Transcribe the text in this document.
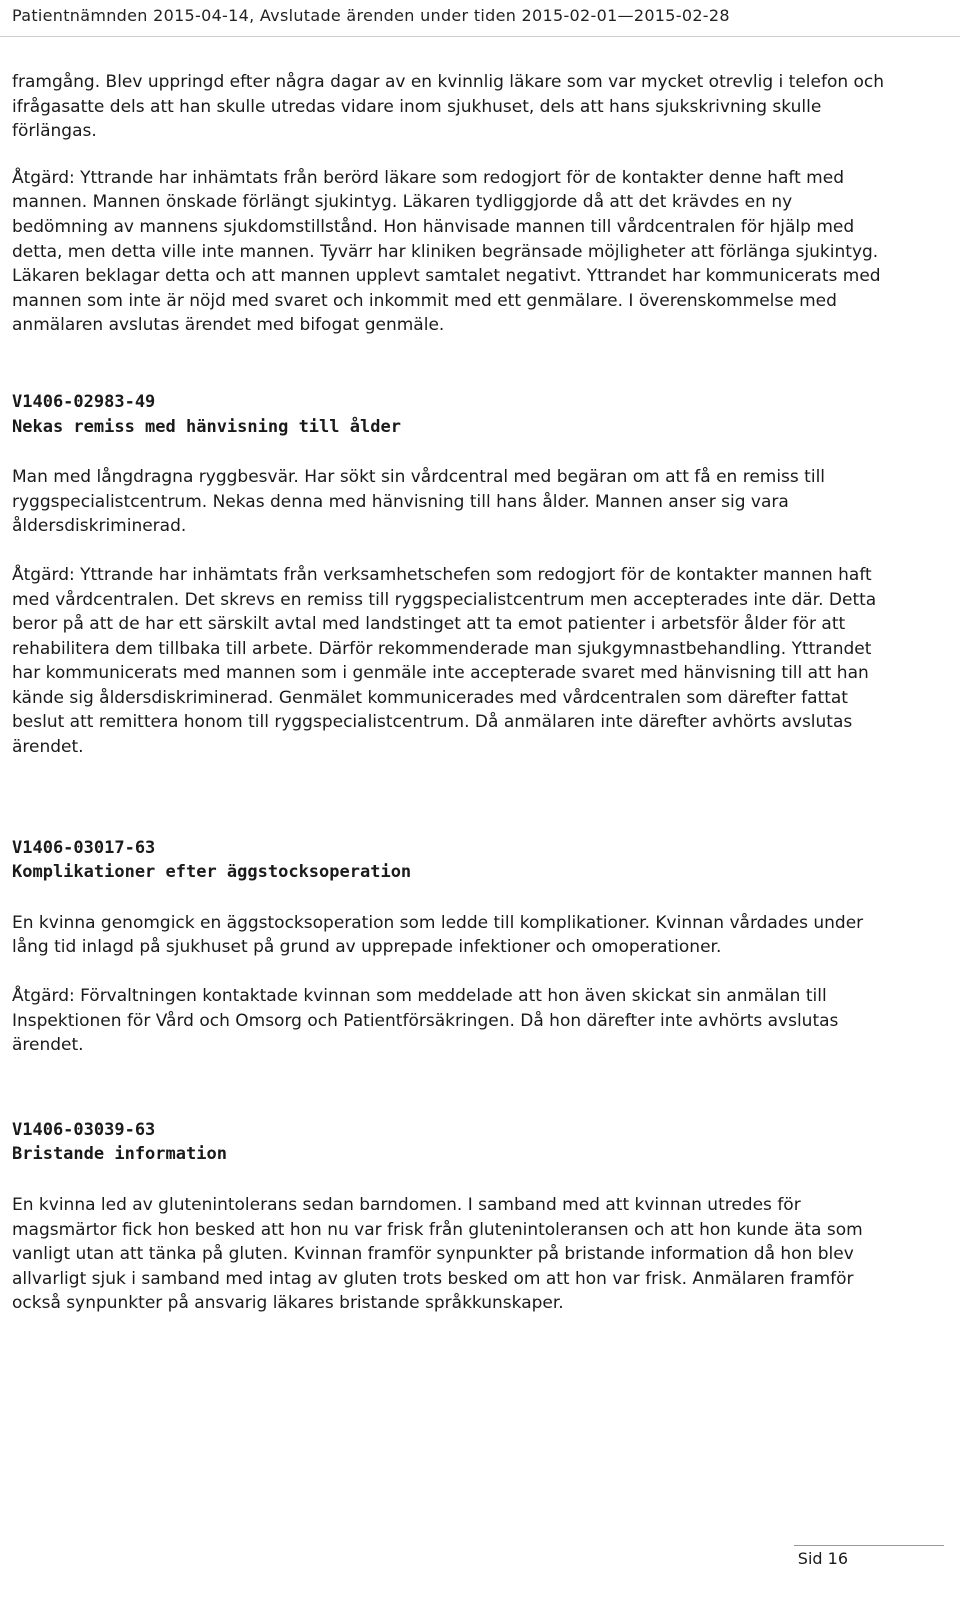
Patientnämnden 2015-04-14, Avslutade ärenden under tiden 2015-02-01—2015-02-28

framgång. Blev uppringd efter några dagar av en kvinnlig läkare som var mycket otrevlig i telefon och ifrågasatte dels att han skulle utredas vidare inom sjukhuset, dels att hans sjukskrivning skulle förlängas.

Åtgärd: Yttrande har inhämtats från berörd läkare som redogjort för de kontakter denne haft med mannen. Mannen önskade förlängt sjukintyg. Läkaren tydliggjorde då att det krävdes en ny bedömning av mannens sjukdomstillstånd. Hon hänvisade mannen till vårdcentralen för hjälp med detta, men detta ville inte mannen. Tyvärr har kliniken begränsade möjligheter att förlänga sjukintyg. Läkaren beklagar detta och att mannen upplevt samtalet negativt. Yttrandet har kommunicerats med mannen som inte är nöjd med svaret och inkommit med ett genmälare. I överenskommelse med anmälaren avslutas ärendet med bifogat genmäle.

V1406-02983-49

Nekas remiss med hänvisning till ålder

Man med långdragna ryggbesvär. Har sökt sin vårdcentral med begäran om att få en remiss till ryggspecialistcentrum. Nekas denna med hänvisning till hans ålder. Mannen anser sig vara åldersdiskriminerad.

Åtgärd: Yttrande har inhämtats från verksamhetschefen som redogjort för de kontakter mannen haft med vårdcentralen. Det skrevs en remiss till ryggspecialistcentrum men accepterades inte där. Detta beror på att de har ett särskilt avtal med landstinget att ta emot patienter i arbetsför ålder för att rehabilitera dem tillbaka till arbete. Därför rekommenderade man sjukgymnastbehandling. Yttrandet har kommunicerats med mannen som i genmäle inte accepterade svaret med hänvisning till att han kände sig åldersdiskriminerad. Genmälet kommunicerades med vårdcentralen som därefter fattat beslut att remittera honom till ryggspecialistcentrum. Då anmälaren inte därefter avhörts avslutas ärendet.

V1406-03017-63

Komplikationer efter äggstocksoperation

En kvinna genomgick en äggstocksoperation som ledde till komplikationer. Kvinnan vårdades under lång tid inlagd på sjukhuset på grund av upprepade infektioner och omoperationer.

Åtgärd: Förvaltningen kontaktade kvinnan som meddelade att hon även skickat sin anmälan till Inspektionen för Vård och Omsorg och Patientförsäkringen. Då hon därefter inte avhörts avslutas ärendet.

V1406-03039-63

Bristande information

En kvinna led av glutenintolerans sedan barndomen. I samband med att kvinnan utredes för magsmärtor fick hon besked att hon nu var frisk från glutenintoleransen och att hon kunde äta som vanligt utan att tänka på gluten. Kvinnan framför synpunkter på bristande information då hon blev allvarligt sjuk i samband med intag av gluten trots besked om att hon var frisk. Anmälaren framför också synpunkter på ansvarig läkares bristande språkkunskaper.

Sid 16
